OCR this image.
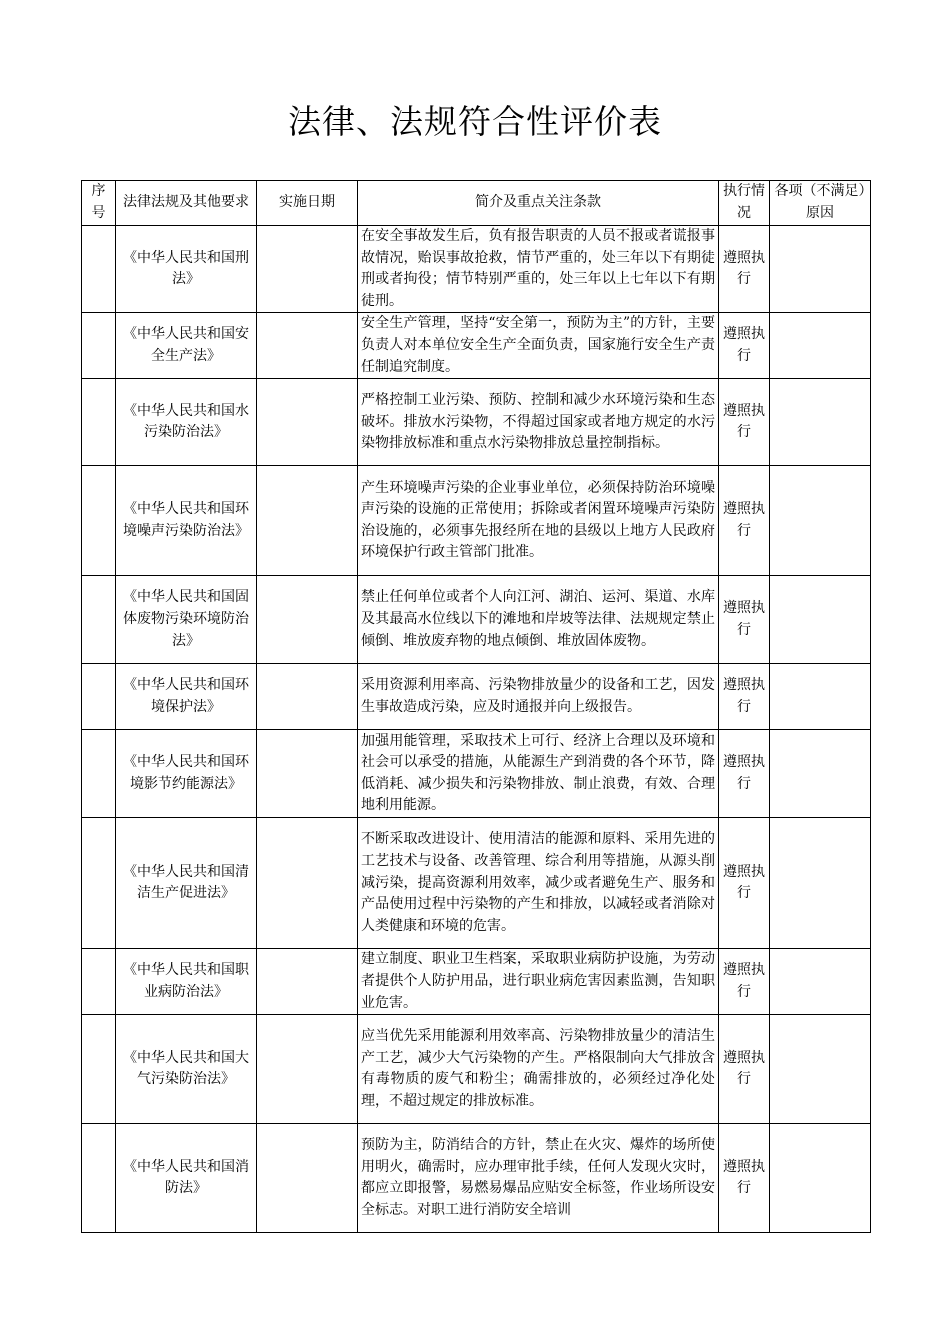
法律、法规符合性评价表
序号	法律法规及其他要求	实施日期	简介及重点关注条款	执行情况	各项（不满足）原因
	《中华人民共和国刑法》		在安全事故发生后，负有报告职责的人员不报或者谎报事故情况，贻误事故抢救，情节严重的，处三年以下有期徒刑或者拘役；情节特别严重的，处三年以上七年以下有期徒刑。	遵照执行	
	《中华人民共和国安全生产法》		安全生产管理，坚持“安全第一，预防为主”的方针，主要负责人对本单位安全生产全面负责，国家施行安全生产责任制追究制度。	遵照执行	
	《中华人民共和国水污染防治法》		严格控制工业污染、预防、控制和减少水环境污染和生态破坏。排放水污染物，不得超过国家或者地方规定的水污染物排放标准和重点水污染物排放总量控制指标。	遵照执行	
	《中华人民共和国环境噪声污染防治法》		产生环境噪声污染的企业事业单位，必须保持防治环境噪声污染的设施的正常使用；拆除或者闲置环境噪声污染防治设施的，必须事先报经所在地的县级以上地方人民政府环境保护行政主管部门批准。	遵照执行	
	《中华人民共和国固体废物污染环境防治法》		禁止任何单位或者个人向江河、湖泊、运河、渠道、水库及其最高水位线以下的滩地和岸坡等法律、法规规定禁止倾倒、堆放废弃物的地点倾倒、堆放固体废物。	遵照执行	
	《中华人民共和国环境保护法》		采用资源利用率高、污染物排放量少的设备和工艺，因发生事故造成污染，应及时通报并向上级报告。	遵照执行	
	《中华人民共和国环境影节约能源法》		加强用能管理，采取技术上可行、经济上合理以及环境和社会可以承受的措施，从能源生产到消费的各个环节，降低消耗、减少损失和污染物排放、制止浪费，有效、合理地利用能源。	遵照执行	
	《中华人民共和国清洁生产促进法》		不断采取改进设计、使用清洁的能源和原料、采用先进的工艺技术与设备、改善管理、综合利用等措施，从源头削减污染，提高资源利用效率，减少或者避免生产、服务和产品使用过程中污染物的产生和排放，以减轻或者消除对人类健康和环境的危害。	遵照执行	
	《中华人民共和国职业病防治法》		建立制度、职业卫生档案，采取职业病防护设施，为劳动者提供个人防护用品，进行职业病危害因素监测，告知职业危害。	遵照执行	
	《中华人民共和国大气污染防治法》		应当优先采用能源利用效率高、污染物排放量少的清洁生产工艺，减少大气污染物的产生。严格限制向大气排放含有毒物质的废气和粉尘；确需排放的，必须经过净化处理，不超过规定的排放标准。	遵照执行	
	《中华人民共和国消防法》		预防为主，防消结合的方针，禁止在火灾、爆炸的场所使用明火，确需时，应办理审批手续，任何人发现火灾时，都应立即报警，易燃易爆品应贴安全标签，作业场所设安全标志。对职工进行消防安全培训	遵照执行	
